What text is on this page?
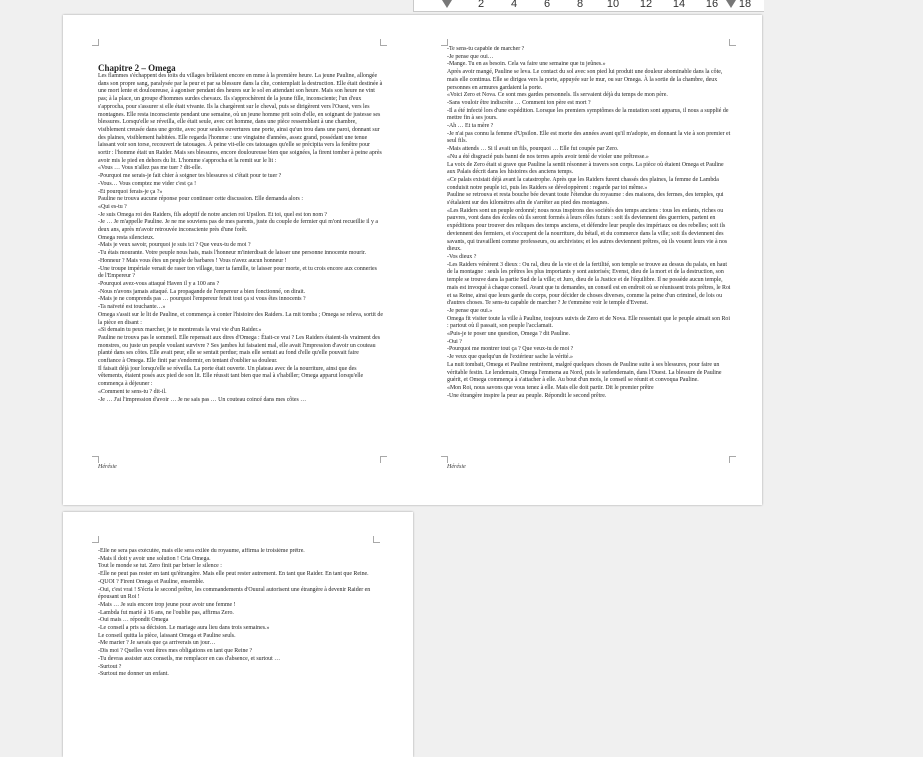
2 4 6 8 10 12 14 16 18

Chapitre 2 – Omega

Les flammes s'échappent des toits du villages brûlaient encore en mme à la première heure. La jeune Pauline, allongée dans son propre sang, paralysée par la peur et par sa blessure dans la cîte, contemplait la destruction. Elle était destinée à une mort lente et douloureuse, à agoniser pendant des heures sur le sol en attendant son heure. Mais son heure ne vint pas; à la place, un groupe d'hommes surdes chevaux. Ils s'approchèrent de la jeune fille, inconsciente; l'un d'eux s'approcha, pour s'assurer si elle était vivante. Ils la chargèrent sur le cheval, puis se dirigèrent vers l'Ouest, vers les montagnes. Elle resta inconsciente pendant une semaine, où un jeune homme prit soin d'elle, en soignant de justesse ses blessures. Lorsqu'elle se réveilla, elle était seule, avec cet homme, dans une pièce ressemblant à une chambre, visiblement creusée dans une grotte, avec pour seules ouvertures une porte, ainsi qu'un trou dans une paroi, donnant sur des plaines, visiblement habitées. Elle regarda l'homme : une vingtaine d'années, assez grand, possédant une tenue laissant voir son torse, recouvert de tatouages. À peine vit-elle ces tatouages qu'elle se précipita vers la fenêtre pour sortir : l'homme était un Raider. Mais ses blessures, encore douloureuse bien que soignées, la firent tomber à peine après avoir mis le pied en dehors du lit. L'homme s'approcha et la remit sur le lit :

«Vous … Vous n'allez pas me tuer ? dit-elle.

-Pourquoi me serais-je fait chier à soigner tes blessures si c'était pour te tuer ?

-Vous… Vous comptez me vider c'est ça !

-Et pourquoi ferais-je ça ?»

Pauline ne trouva aucune réponse pour continuer cette discussion. Elle demanda alors :

«Qui es-tu ?

-Je suis Omega roi des Raiders, fils adoptif de notre ancien roi Upsilon. Et toi, quel est ton nom ?

-Je … Je m'appelle Pauline. Je ne me souviens pas de mes parents, juste du couple de fermier qui m'ont recueillie il y a deux ans, après m'avoir retrouvée inconsciente près d'une forêt.

Omega resta silencieux.

-Mais je veux savoir, pourquoi je suis ici ? Que veux-tu de moi ?

-Tu étais mourante. Votre peuple nous hais, mais l'honneur m'interdisait de laisser une personne innocente mourir.

-Honneur ? Mais vous êtes un peuple de barbares ! Vous n'avez aucun honneur !

-Une troupe impériale venait de raser ton village, tuer ta famille, te laisser pour morte, et tu crois encore aux conneries de l'Empereur ?

-Pourquoi avez-vous attaqué Haven il y a 100 ans ?

-Nous n'avons jamais attaqué. La propagande de l'empereur a bien fonctionné, on dirait.

-Mais je ne comprends pas … pourquoi l'empereur ferait tout ça si vous êtes innocents ?

-Ta naïveté est touchante…»

Omega s'assit sur le lit de Pauline, et commença à conter l'histoire des Raiders. La mit tomba ; Omega se releva, sortit de la pièce en disant :

«Si demain tu peux marcher, je te montrerais la vrai vie d'un Raider.»

Pauline ne trouva pas le sommeil. Elle repensait aux dires d'Omega : Était-ce vrai ? Les Raiders étaient-ils vraiment des monstres, ou juste un peuple voulant survivre ? Ses jambes lui faisaient mal, elle avait l'impression d'avoir un couteau planté dans ses côtes. Elle avait peur, elle se sentait perdue; mais elle sentait au fond d'elle qu'elle pouvait faire confiance à Omega. Elle finit par s'endormir, en tentant d'oublier sa douleur.

Il faisait déjà jour lorsqu'elle se réveilla. La porte était ouverte. Un plateau avec de la nourriture, ainsi que des vêtements, étaient posés aux pied de son lit. Elle réussit tant bien que mal à s'habiller; Omega apparut lorsqu'elle commença à déjeuner :

«Comment te sens-tu ? dit-il.

-Je … J'ai l'impression d'avoir … Je ne sais pas … Un couteau coincé dans mes côtes …

-Te sens-tu capable de marcher ?

-Je pense que oui…

-Mange. Tu en as besoin. Cela va faire une semaine que tu jeûnes.»

Après avoir mangé, Pauline se leva. Le contact du sol avec son pied lui produit une douleur abominable dans la côte, mais elle continua. Elle se dirigea vers la porte, appuyée sur le mur, ou sur Omega. À la sortie de la chambre, deux personnes en armures gardaient la porte.

«Voici Zero et Nova. Ce sont mes gardes personnels. Ils servaient déjà du temps de mon père.

-Sans vouloir être indiscrète … Comment ton père est mort ?

-Il a été infecté lors d'une expédition. Lorsque les premiers symptômes de la mutation sont apparus, il nous a supplié de mettre fin à ses jours.

-Ah … Et ta mère ?

-Je n'ai pas connu la femme d'Upsilon. Elle est morte des années avant qu'il m'adopte, en donnant la vie à son premier et seul fils.

-Mais attends … Si il avait un fils, pourquoi … Elle fut coupée par Zero.

«Nu a été disgracié puis banni de nos terres après avoir tenté de violer une prêtresse.»

La voix de Zero était si grave que Pauline la sentit résonner à travers son corps. La pièce où étaient Omega et Pauline aux Palais décrit dans les histoires des anciens temps.

«Ce palais existait déjà avant la catastrophe. Après que les Raiders furent chassés des plaines, la femme de Lambda conduisit notre peuple ici, puis les Raiders se développèrent : regarde par toi même.»

Pauline se retrouva et resta bouche bée devant toute l'étendue du royaume : des maisons, des fermes, des temples, qui s'étalaient sur des kilomètres afin de s'arrêter au pied des montagnes.

«Les Raiders sont un peuple ordonné; nous nous inspirons des sociétés des temps anciens : tous les enfants, riches ou pauvres, vont dans des écoles où ils seront formés à leurs rôles futurs : soit ils deviennent des guerriers, partent en expéditions pour trouver des reliques des temps anciens, et défendre leur peuple des impériaux ou des rebelles; soit ils deviennent des fermiers, et s'occupent de la nourriture, du bétail, et du commerce dans la ville; soit ils deviennent des savants, qui travaillent comme professeurs, ou archivistes; et les autres deviennent prêtres, où ils vouent leurs vie à nos dieux.

-Vos dieux ?

-Les Raiders vénèrent 3 dieux : Ou ral, dieu de la vie et de la fertilité, son temple se trouve au dessus du palais, en haut de la montagne : seuls les prêtres les plus importants y sont autorisés; Evenst, dieu de la mort et de la destruction, son temple se trouve dans la partie Sud de la ville; et Juro, dieu de la Justice et de l'équilibre. Il ne possède aucun temple, mais est invoqué à chaque conseil. Avant que tu demandes, un conseil est en endroit où se réunissent trois prêtres, le Roi et sa Reine, ainsi que leurs garde du corps, pour décider de choses diverses, comme la peine d'un criminel, de lois ou d'autres choses. Te sens-tu capable de marcher ? Je t'emmène voir le temple d'Evenst.

-Je pense que oui.»

Omega fit visiter toute la ville à Pauline, toujours suivis de Zero et de Nova. Elle ressentait que le peuple aimait son Roi : partout où il passait, son peuple l'acclamait.

«Puis-je te poser une question, Omega ? dit Pauline.

-Oui ?

-Pourquoi me montrer tout ça ? Que veux-tu de moi ?

-Je veux que quelqu'un de l'extérieur sache la vérité.»

La nuit tombait, Omega et Pauline rentrèrent, malgré quelques choses de Pauline suite à ses blessures, pour faire un véritable festin. Le lendemain, Omega l'emmena au Nord, puis le surlendemain, dans l'Ouest. La blessure de Pauline guérit, et Omega commença à s'attacher à elle. Au bout d'un mois, le conseil se réunit et convoqua Pauline.

«Mon Roi, nous savons que vous tenez à elle. Mais elle doit partir. Dit le premier prêtre

-Une étrangère inspire la peur au peuple. Répondit le second prêtre.

Hérésie	Hérésie

-Elle ne sera pas exécutée, mais elle sera exilée du royaume, affirma le troisième prêtre.

-Mais il doit y avoir une solution ! Cria Omega.

Tout le monde se tut. Zero finit par briser le silence :

-Elle ne peut pas rester en tant qu'étrangère. Mais elle peut rester autrement. En tant que Raider. En tant que Reine.

-QUOI ? Firent Omega et Pauline, ensemble.

-Oui, c'est vrai ! S'écria le second prêtre, les commandements d'Ouural autorisent une étrangère à devenir Raider en épousant un Roi !

-Mais … Je suis encore trop jeune pour avoir une femme !

-Lambda fut marié à 16 ans, ne l'oublie pas, affirma Zero.

-Oui mais … répondit Omega

-Le conseil a pris sa décision. Le mariage aura lieu dans trois semaines.»

Le conseil quitta la pièce, laissant Omega et Pauline seuls.

-Me marier ? Je savais que ça arriverais un jour…

-Dis moi ? Quelles vont êtres mes obligations en tant que Reine ?

-Tu devras assister aux conseils, me remplacer en cas d'absence, et surtout …

-Surtout ?

-Surtout me donner un enfant.
